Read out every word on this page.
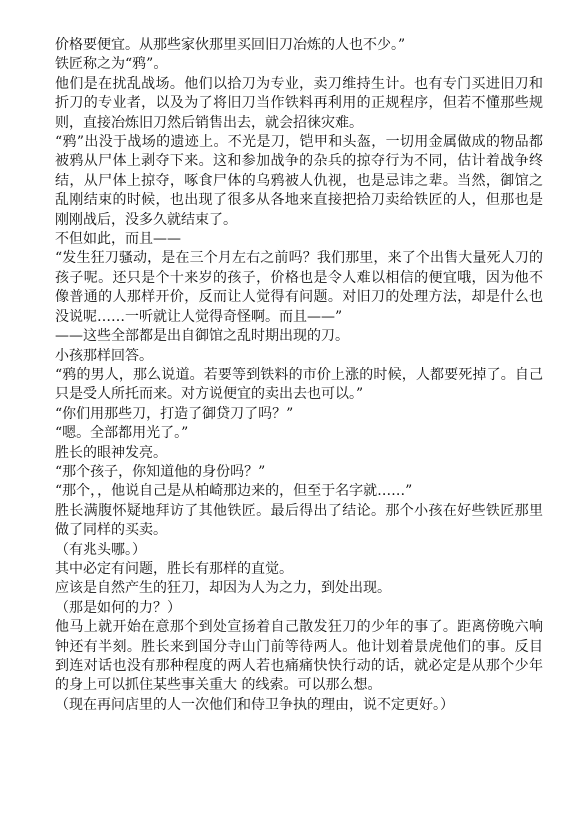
价格要便宜。从那些家伙那里买回旧刀冶炼的人也不少。”

铁匠称之为“鸦”。

他们是在扰乱战场。他们以拾刀为专业，卖刀维持生计。也有专门买进旧刀和折刀的专业者，以及为了将旧刀当作铁料再利用的正规程序，但若不懂那些规则，直接冶炼旧刀然后销售出去，就会招徕灾难。

“鸦”出没于战场的遗迹上。不光是刀，铠甲和头盔，一切用金属做成的物品都被鸦从尸体上剥夺下来。这和参加战争的杂兵的掠夺行为不同，估计着战争终结，从尸体上掠夺，啄食尸体的乌鸦被人仇视，也是忌讳之辈。当然，御馆之乱刚结束的时候，也出现了很多从各地来直接把拾刀卖给铁匠的人，但那也是刚刚战后，没多久就结束了。

不但如此，而且——

“发生狂刀骚动，是在三个月左右之前吗？我们那里，来了个出售大量死人刀的孩子呢。还只是个十来岁的孩子，价格也是令人难以相信的便宜哦，因为他不像普通的人那样开价，反而让人觉得有问题。对旧刀的处理方法，却是什么也没说呢……一听就让人觉得奇怪啊。而且——”

——这些全部都是出自御馆之乱时期出现的刀。

小孩那样回答。

“鸦的男人，那么说道。若要等到铁料的市价上涨的时候，人都要死掉了。自己只是受人所托而来。对方说便宜的卖出去也可以。”

“你们用那些刀，打造了御贷刀了吗？”

“嗯。全部都用光了。”

胜长的眼神发亮。

“那个孩子，你知道他的身份吗？”

“那个，，他说自己是从柏崎那边来的，但至于名字就……”

胜长满腹怀疑地拜访了其他铁匠。最后得出了结论。那个小孩在好些铁匠那里做了同样的买卖。

（有兆头哪。）

其中必定有问题，胜长有那样的直觉。

应该是自然产生的狂刀，却因为人为之力，到处出现。

（那是如何的力？）

他马上就开始在意那个到处宣扬着自己散发狂刀的少年的事了。距离傍晚六响钟还有半刻。胜长来到国分寺山门前等待两人。他计划着景虎他们的事。反目到连对话也没有那种程度的两人若也痛痛快快行动的话，就必定是从那个少年的身上可以抓住某些事关重大 的线索。可以那么想。

（现在再问店里的人一次他们和侍卫争执的理由，说不定更好。）
